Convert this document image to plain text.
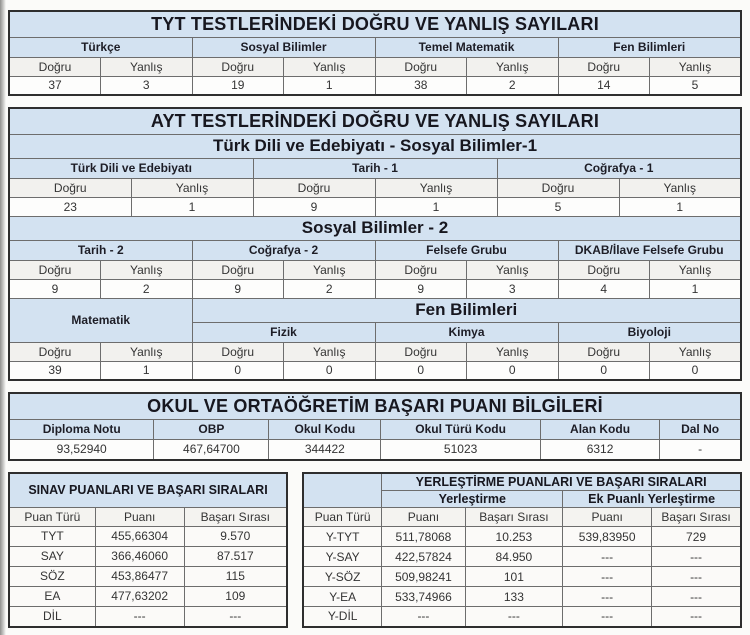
TYT TESTLERİNDEKİ DOĞRU VE YANLIŞ SAYILARI							
Türkçe		Sosyal Bilimler		Temel Matematik		Fen Bilimleri	
Doğru	Yanlış	Doğru	Yanlış	Doğru	Yanlış	Doğru	Yanlış
37	3	19	1	38	2	14	5
AYT TESTLERİNDEKİ DOĞRU VE YANLIŞ SAYILARI											
Türk Dili ve Edebiyatı - Sosyal Bilimler-1											
Türk Dili ve Edebiyatı				Tarih - 1				Coğrafya - 1			
Doğru		Yanlış		Doğru		Yanlış		Doğru		Yanlış	
23		1		9		1		5		1	
Sosyal Bilimler - 2											
Tarih - 2			Coğrafya - 2			Felsefe Grubu			DKAB/İlave Felsefe Grubu		
Doğru	Yanlış		Doğru		Yanlış	Doğru	Yanlış		Doğru		Yanlış
9	2		9		2	9	3		4		1
Matematik			Fen Bilimleri								
			Fizik			Kimya			Biyoloji		
Doğru	Yanlış		Doğru		Yanlış	Doğru	Yanlış		Doğru		Yanlış
39	1		0		0	0	0		0		0
OKUL VE ORTAÖĞRETİM BAŞARI PUANI BİLGİLERİ					
Diploma Notu	OBP	Okul Kodu	Okul Türü Kodu	Alan Kodu	Dal No
93,52940	467,64700	344422	51023	6312	-
SINAV PUANLARI VE BAŞARI SIRALARI		
Puan Türü	Puanı	Başarı Sırası
TYT	455,66304	9.570
SAY	366,46060	87.517
SÖZ	453,86477	115
EA	477,63202	109
DİL	---	---
	YERLEŞTİRME PUANLARI VE BAŞARI SIRALARI			
	Yerleştirme		Ek Puanlı Yerleştirme	
Puan Türü	Puanı	Başarı Sırası	Puanı	Başarı Sırası
Y-TYT	511,78068	10.253	539,83950	729
Y-SAY	422,57824	84.950	---	---
Y-SÖZ	509,98241	101	---	---
Y-EA	533,74966	133	---	---
Y-DİL	---	---	---	---
